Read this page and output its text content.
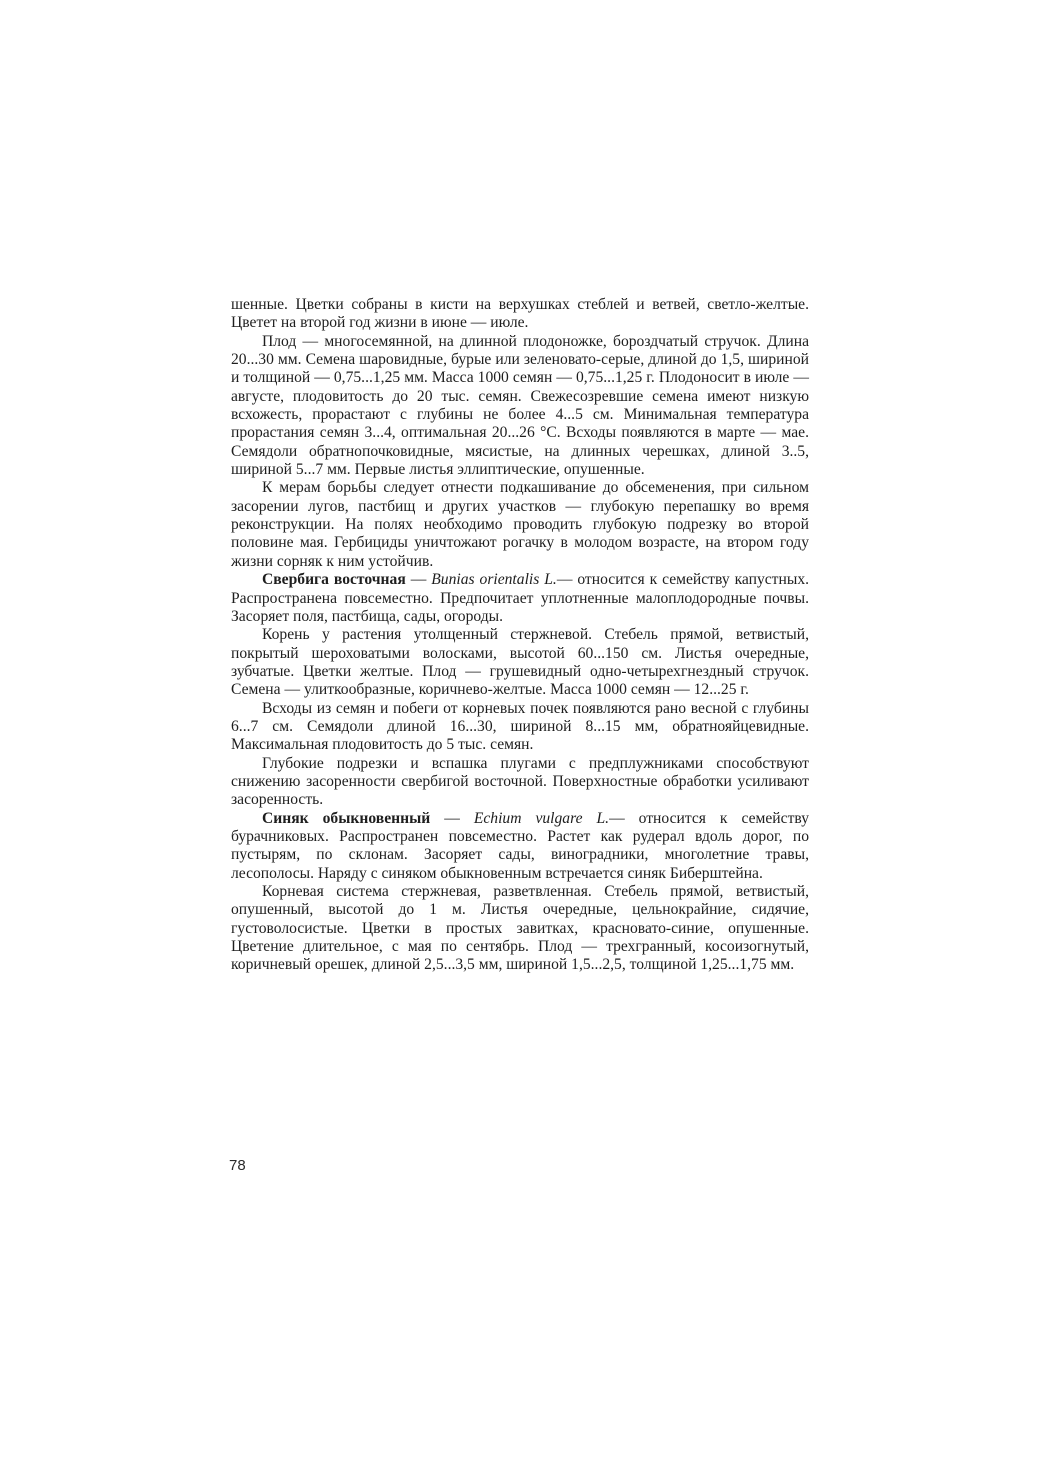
шенные. Цветки собраны в кисти на верхушках стеблей и ветвей, светло-желтые. Цветет на второй год жизни в июне — июле.

Плод — многосемянной, на длинной плодоножке, бороздчатый стручок. Длина 20...30 мм. Семена шаровидные, бурые или зеленовато-серые, длиной до 1,5, шириной и толщиной — 0,75...1,25 мм. Масса 1000 семян — 0,75...1,25 г. Плодоносит в июле — августе, плодовитость до 20 тыс. семян. Свежесозревшие семена имеют низкую всхожесть, прорастают с глубины не более 4...5 см. Минимальная температура прорастания семян 3...4, оптимальная 20...26 °С. Всходы появляются в марте — мае. Семядоли обратнопочковидные, мясистые, на длинных черешках, длиной 3..5, шириной 5...7 мм. Первые листья эллиптические, опушенные.

К мерам борьбы следует отнести подкашивание до обсеменения, при сильном засорении лугов, пастбищ и других участков — глубокую перепашку во время реконструкции. На полях необходимо проводить глубокую подрезку во второй половине мая. Гербициды уничтожают рогачку в молодом возрасте, на втором году жизни сорняк к ним устойчив.

Свербига восточная — Bunias orientalis L.— относится к семейству капустных. Распространена повсеместно. Предпочитает уплотненные малоплодородные почвы. Засоряет поля, пастбища, сады, огороды.

Корень у растения утолщенный стержневой. Стебель прямой, ветвистый, покрытый шероховатыми волосками, высотой 60...150 см. Листья очередные, зубчатые. Цветки желтые. Плод — грушевидный одно-четырехгнездный стручок. Семена — улиткообразные, коричнево-желтые. Масса 1000 семян — 12...25 г.

Всходы из семян и побеги от корневых почек появляются рано весной с глубины 6...7 см. Семядоли длиной 16...30, шириной 8...15 мм, обратнояйцевидные. Максимальная плодовитость до 5 тыс. семян.

Глубокие подрезки и вспашка плугами с предплужниками способствуют снижению засоренности свербигой восточной. Поверхностные обработки усиливают засоренность.

Синяк обыкновенный — Echium vulgare L.— относится к семейству бурачниковых. Распространен повсеместно. Растет как рудерал вдоль дорог, по пустырям, по склонам. Засоряет сады, виноградники, многолетние травы, лесополосы. Наряду с синяком обыкновенным встречается синяк Биберштейна.

Корневая система стержневая, разветвленная. Стебель прямой, ветвистый, опушенный, высотой до 1 м. Листья очередные, цельнокрайние, сидячие, густоволосистые. Цветки в простых завитках, красновато-синие, опушенные. Цветение длительное, с мая по сентябрь. Плод — трехгранный, косоизогнутый, коричневый орешек, длиной 2,5...3,5 мм, шириной 1,5...2,5, толщиной 1,25...1,75 мм.

78
